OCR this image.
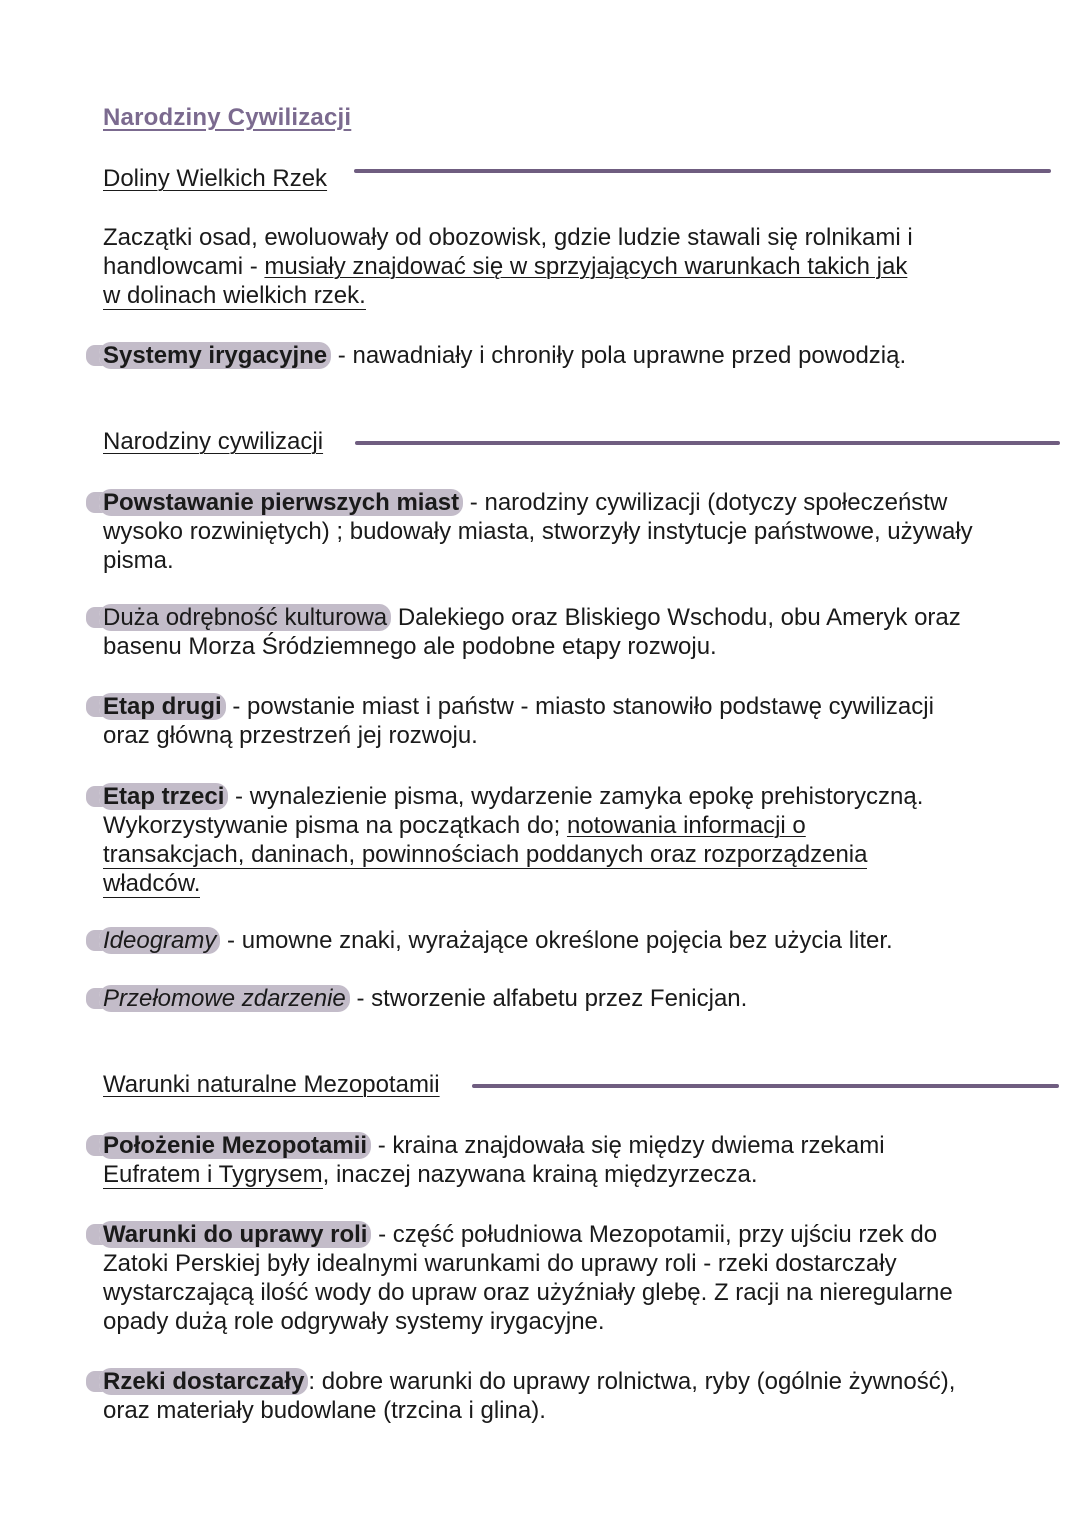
Narodziny Cywilizacji
Doliny Wielkich Rzek
Zaczątki osad, ewoluowały od obozowisk, gdzie ludzie stawali się rolnikami i
handlowcami - musiały znajdować się w sprzyjających warunkach takich jak
w dolinach wielkich rzek.
Systemy irygacyjne - nawadniały i chroniły pola uprawne przed powodzią.
Narodziny cywilizacji
Powstawanie pierwszych miast - narodziny cywilizacji (dotyczy społeczeństw wysoko rozwiniętych) ; budowały miasta, stworzyły instytucje państwowe, używały pisma.
Duża odrębność kulturowa Dalekiego oraz Bliskiego Wschodu, obu Ameryk oraz basenu Morza Śródziemnego ale podobne etapy rozwoju.
Etap drugi - powstanie miast i państw - miasto stanowiło podstawę cywilizacji oraz główną przestrzeń jej rozwoju.
Etap trzeci - wynalezienie pisma, wydarzenie zamyka epokę prehistoryczną.
Wykorzystywanie pisma na początkach do; notowania informacji o
transakcjach, daninach, powinnościach poddanych oraz rozporządzenia
władców.
Ideogramy - umowne znaki, wyrażające określone pojęcia bez użycia liter.
Przełomowe zdarzenie - stworzenie alfabetu przez Fenicjan.
Warunki naturalne Mezopotamii
Położenie Mezopotamii - kraina znajdowała się między dwiema rzekami
Eufratem i Tygrysem, inaczej nazywana krainą międzyrzecza.
Warunki do uprawy roli - część południowa Mezopotamii, przy ujściu rzek do Zatoki Perskiej były idealnymi warunkami do uprawy roli - rzeki dostarczały wystarczającą ilość wody do upraw oraz użyźniały glebę. Z racji na nieregularne opady dużą role odgrywały systemy irygacyjne.
Rzeki dostarczały : dobre warunki do uprawy rolnictwa, ryby (ogólnie żywność), oraz materiały budowlane (trzcina i glina).
